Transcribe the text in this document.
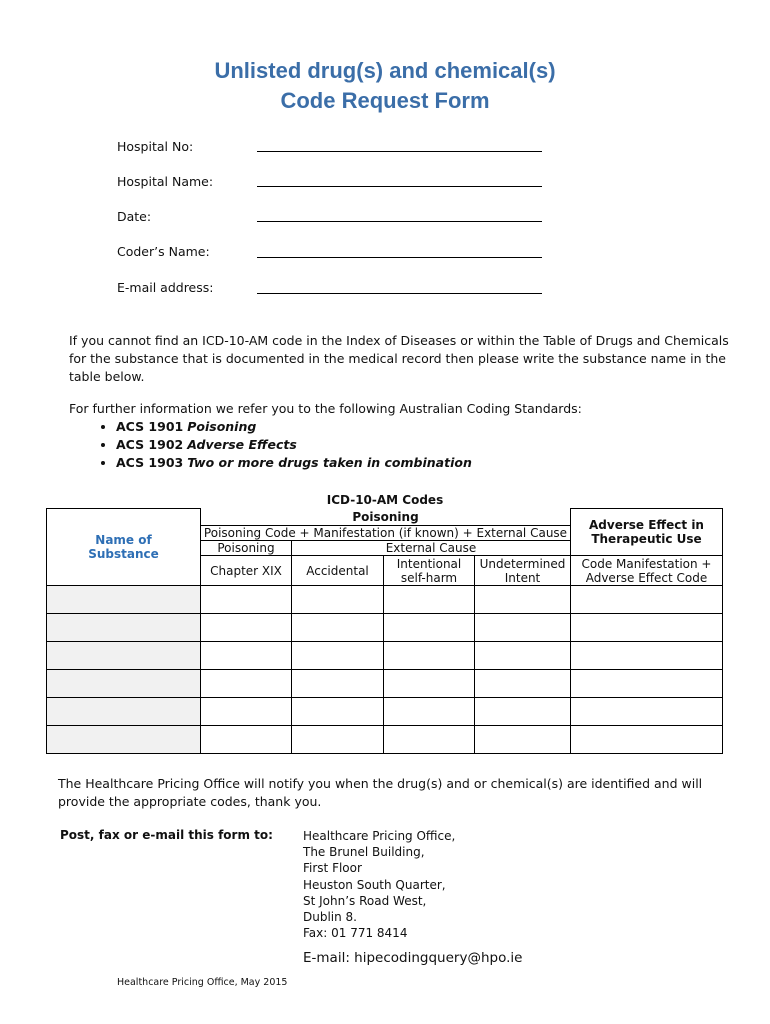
Unlisted drug(s) and chemical(s)
Code Request Form
Hospital No:
Hospital Name:
Date:
Coder’s Name:
E-mail address:
If you cannot find an ICD-10-AM code in the Index of Diseases or within the Table of Drugs and Chemicals for the substance that is documented in the medical record then please write the substance name in the table below.
For further information we refer you to the following Australian Coding Standards:
• ACS 1901 Poisoning
• ACS 1902 Adverse Effects
• ACS 1903 Two or more drugs taken in combination
ICD-10-AM Codes
Name of Substance	Poisoning				Adverse Effect in Therapeutic Use
	Poisoning Code + Manifestation (if known) + External Cause				
	Poisoning	External Cause			
	Chapter XIX	Accidental	Intentional self-harm	Undetermined Intent	Code Manifestation + Adverse Effect Code

The Healthcare Pricing Office will notify you when the drug(s) and or chemical(s) are identified and will provide the appropriate codes, thank you.
Post, fax or e-mail this form to:	Healthcare Pricing Office,
The Brunel Building,
First Floor
Heuston South Quarter,
St John’s Road West,
Dublin 8.
Fax: 01 771 8414
E-mail: hipecodingquery@hpo.ie
Healthcare Pricing Office, May 2015
